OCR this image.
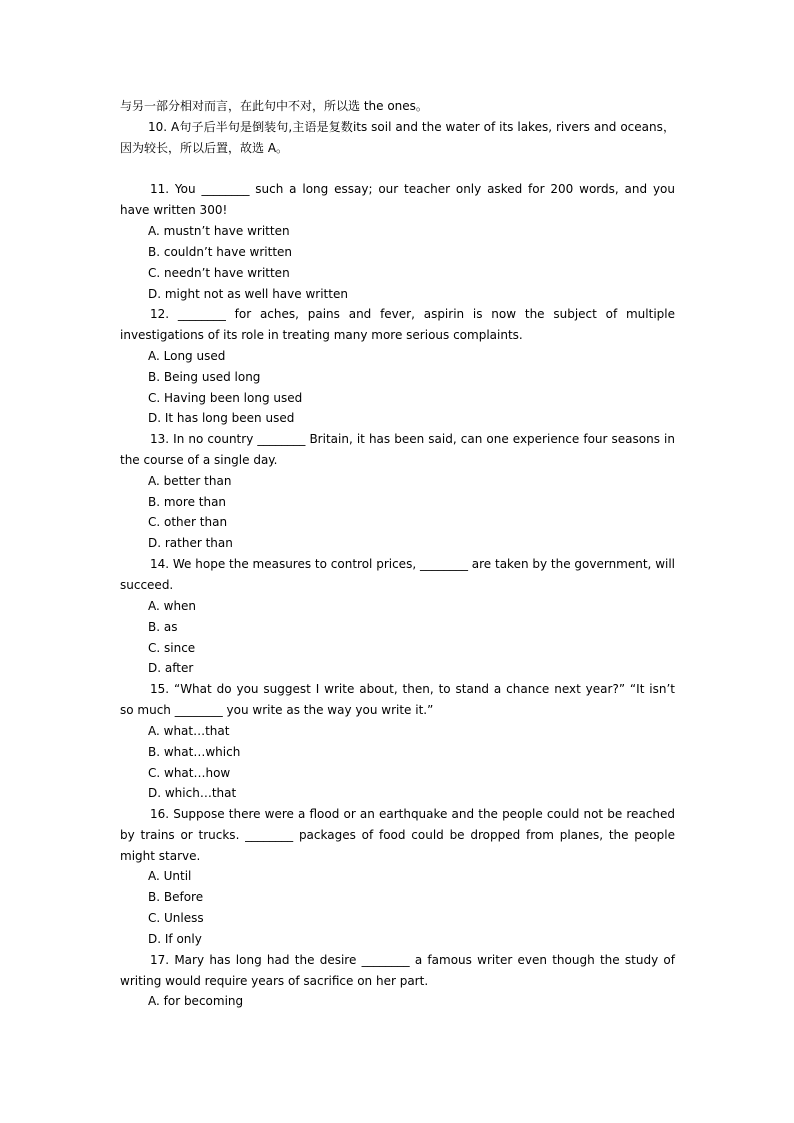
与另一部分相对而言，在此句中不对，所以选 the ones。

10. A句子后半句是倒装句,主语是复数its soil and the water of its lakes, rivers and oceans，因为较长，所以后置，故选 A。

11. You ________ such a long essay; our teacher only asked for 200 words, and you have written 300!

A. mustn’t have written
B. couldn’t have written
C. needn’t have written
D. might not as well have written

12. ________ for aches, pains and fever, aspirin is now the subject of multiple investigations of its role in treating many more serious complaints.

A. Long used
B. Being used long
C. Having been long used
D. It has long been used

13. In no country ________ Britain, it has been said, can one experience four seasons in the course of a single day.

A. better than
B. more than
C. other than
D. rather than

14. We hope the measures to control prices, ________ are taken by the government, will succeed.

A. when
B. as
C. since
D. after

15. “What do you suggest I write about, then, to stand a chance next year?” “It isn’t so much ________ you write as the way you write it.”

A. what…that
B. what…which
C. what…how
D. which…that

16. Suppose there were a flood or an earthquake and the people could not be reached by trains or trucks. ________ packages of food could be dropped from planes, the people might starve.

A. Until
B. Before
C. Unless
D. If only

17. Mary has long had the desire ________ a famous writer even though the study of writing would require years of sacrifice on her part.

A. for becoming
